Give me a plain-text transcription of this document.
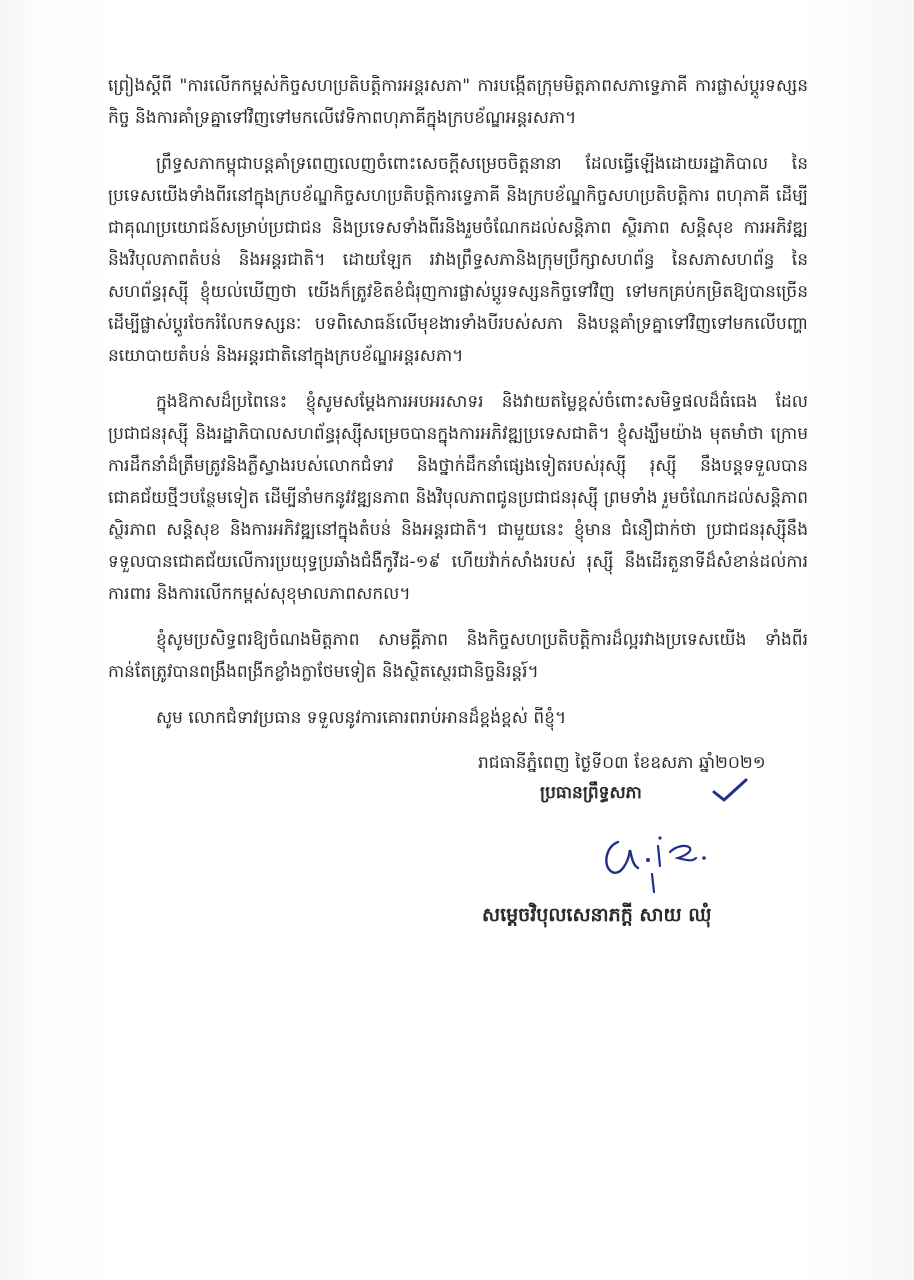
ព្រៀងស្តីពី "ការលើកកម្ពស់កិច្ចសហប្រតិបត្តិការអន្តរសភា" ការបង្កើតក្រុមមិត្តភាពសភាទ្វេភាគី ការផ្លាស់ប្តូរទស្សនកិច្ច និងការគាំទ្រគ្នាទៅវិញទៅមកលើវេទិកាពហុភាគីក្នុងក្របខ័ណ្ឌអន្តរសភា។

ព្រឹទ្ធសភាកម្ពុជាបន្តគាំទ្រពេញលេញចំពោះសេចក្តីសម្រេចចិត្តនានា ដែលធ្វើឡើងដោយរដ្ឋាភិបាល នៃប្រទេសយើងទាំងពីរនៅក្នុងក្របខ័ណ្ឌកិច្ចសហប្រតិបត្តិការទ្វេភាគី និងក្របខ័ណ្ឌកិច្ចសហប្រតិបត្តិការ ពហុភាគី ដើម្បីជាគុណប្រយោជន៍សម្រាប់ប្រជាជន និងប្រទេសទាំងពីរនិងរួមចំណែកដល់សន្តិភាព ស្ថិរភាព សន្តិសុខ ការអភិវឌ្ឍ និងវិបុលភាពតំបន់ និងអន្តរជាតិ។ ដោយឡែក រវាងព្រឹទ្ធសភានិងក្រុមប្រឹក្សាសហព័ន្ធ នៃសភាសហព័ន្ធ នៃសហព័ន្ធរុស្ស៊ី ខ្ញុំយល់ឃើញថា យើងក៏ត្រូវខិតខំជំរុញការផ្លាស់ប្តូរទស្សនកិច្ចទៅវិញ ទៅមកគ្រប់កម្រិតឱ្យបានច្រើន ដើម្បីផ្លាស់ប្តូរចែករំលែកទស្សនៈ បទពិសោធន៍លើមុខងារទាំងបីរបស់សភា និងបន្តគាំទ្រគ្នាទៅវិញទៅមកលើបញ្ហានយោបាយតំបន់ និងអន្តរជាតិនៅក្នុងក្របខ័ណ្ឌអន្តរសភា។

ក្នុងឱកាសដ៏ប្រពៃនេះ ខ្ញុំសូមសម្តែងការអបអរសាទរ និងវាយតម្លៃខ្ពស់ចំពោះសមិទ្ធផលដ៏ធំធេង ដែលប្រជាជនរុស្ស៊ី និងរដ្ឋាភិបាលសហព័ន្ធរុស្ស៊ីសម្រេចបានក្នុងការអភិវឌ្ឍប្រទេសជាតិ។ ខ្ញុំសង្ឃឹមយ៉ាង មុតមាំថា ក្រោមការដឹកនាំដ៏ត្រឹមត្រូវនិងភ្លឺស្វាងរបស់លោកជំទាវ និងថ្នាក់ដឹកនាំផ្សេងទៀតរបស់រុស្ស៊ី រុស្ស៊ី នឹងបន្តទទួលបានជោគជ័យថ្មីៗបន្ថែមទៀត ដើម្បីនាំមកនូវវឌ្ឍនភាព និងវិបុលភាពជូនប្រជាជនរុស្ស៊ី ព្រមទាំង រួមចំណែកដល់សន្តិភាព ស្ថិរភាព សន្តិសុខ និងការអភិវឌ្ឍនៅក្នុងតំបន់ និងអន្តរជាតិ។ ជាមួយនេះ ខ្ញុំមាន ជំនឿជាក់ថា ប្រជាជនរុស្ស៊ីនឹងទទួលបានជោគជ័យលើការប្រយុទ្ធប្រឆាំងជំងឺកូវីដ-១៩ ហើយវ៉ាក់សាំងរបស់ រុស្ស៊ី នឹងដើរតួនាទីដ៏សំខាន់ដល់ការការពារ និងការលើកកម្ពស់សុខុមាលភាពសកល។

ខ្ញុំសូមប្រសិទ្ធពរឱ្យចំណងមិត្តភាព សាមគ្គីភាព និងកិច្ចសហប្រតិបត្តិការដ៏ល្អរវាងប្រទេសយើង ទាំងពីរកាន់តែត្រូវបានពង្រឹងពង្រីកខ្លាំងក្លាថែមទៀត និងស្ថិតស្ថេរជានិច្ចនិរន្តរ៍។

សូម លោកជំទាវប្រធាន ទទួលនូវការគោរពរាប់អានដ៏ខ្ពង់ខ្ពស់ ពីខ្ញុំ។

រាជធានីភ្នំពេញ ថ្ងៃទី០៣ ខែឧសភា ឆ្នាំ២០២១
ប្រធានព្រឹទ្ធសភា
សម្តេចវិបុលសេនាភក្តី សាយ ឈុំ
